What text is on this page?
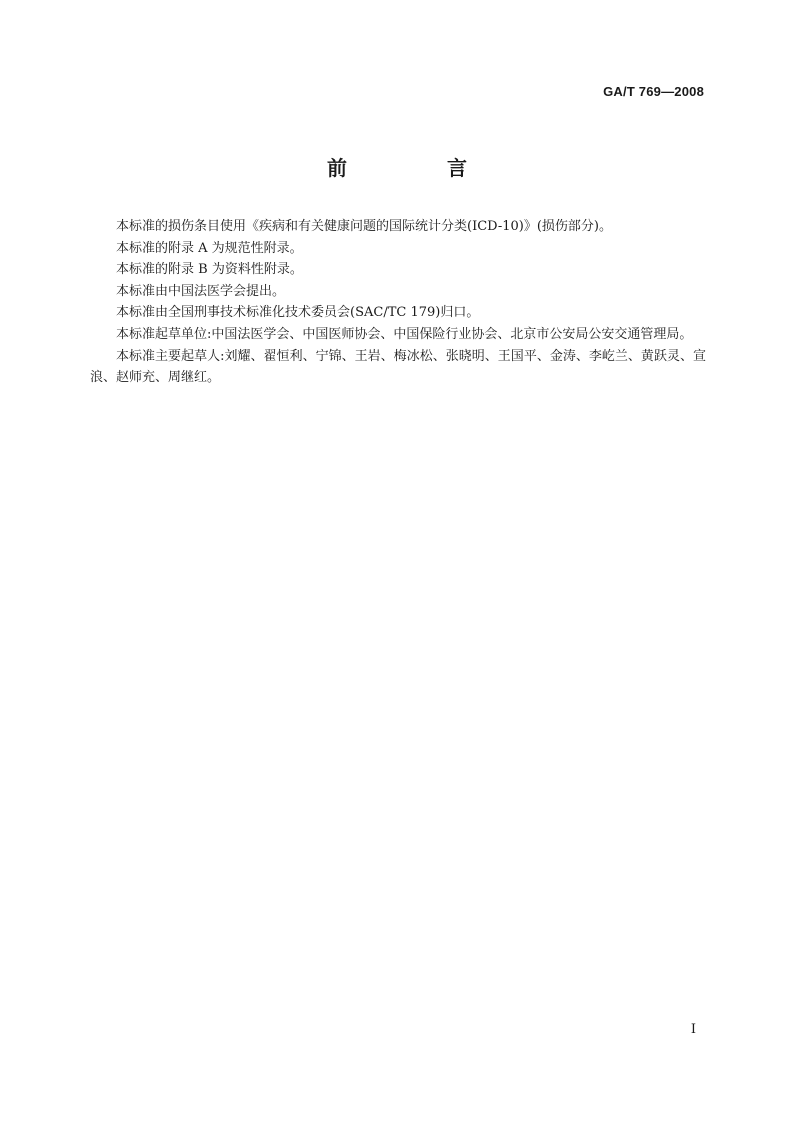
GA/T 769—2008
前　言

本标准的损伤条目使用《疾病和有关健康问题的国际统计分类(ICD-10)》(损伤部分)。

本标准的附录 A 为规范性附录。

本标准的附录 B 为资料性附录。

本标准由中国法医学会提出。

本标准由全国刑事技术标准化技术委员会(SAC/TC 179)归口。

本标准起草单位:中国法医学会、中国医师协会、中国保险行业协会、北京市公安局公安交通管理局。

本标准主要起草人:刘耀、翟恒利、宁锦、王岩、梅冰松、张晓明、王国平、金涛、李屹兰、黄跃灵、宣浪、赵师充、周继红。

I
